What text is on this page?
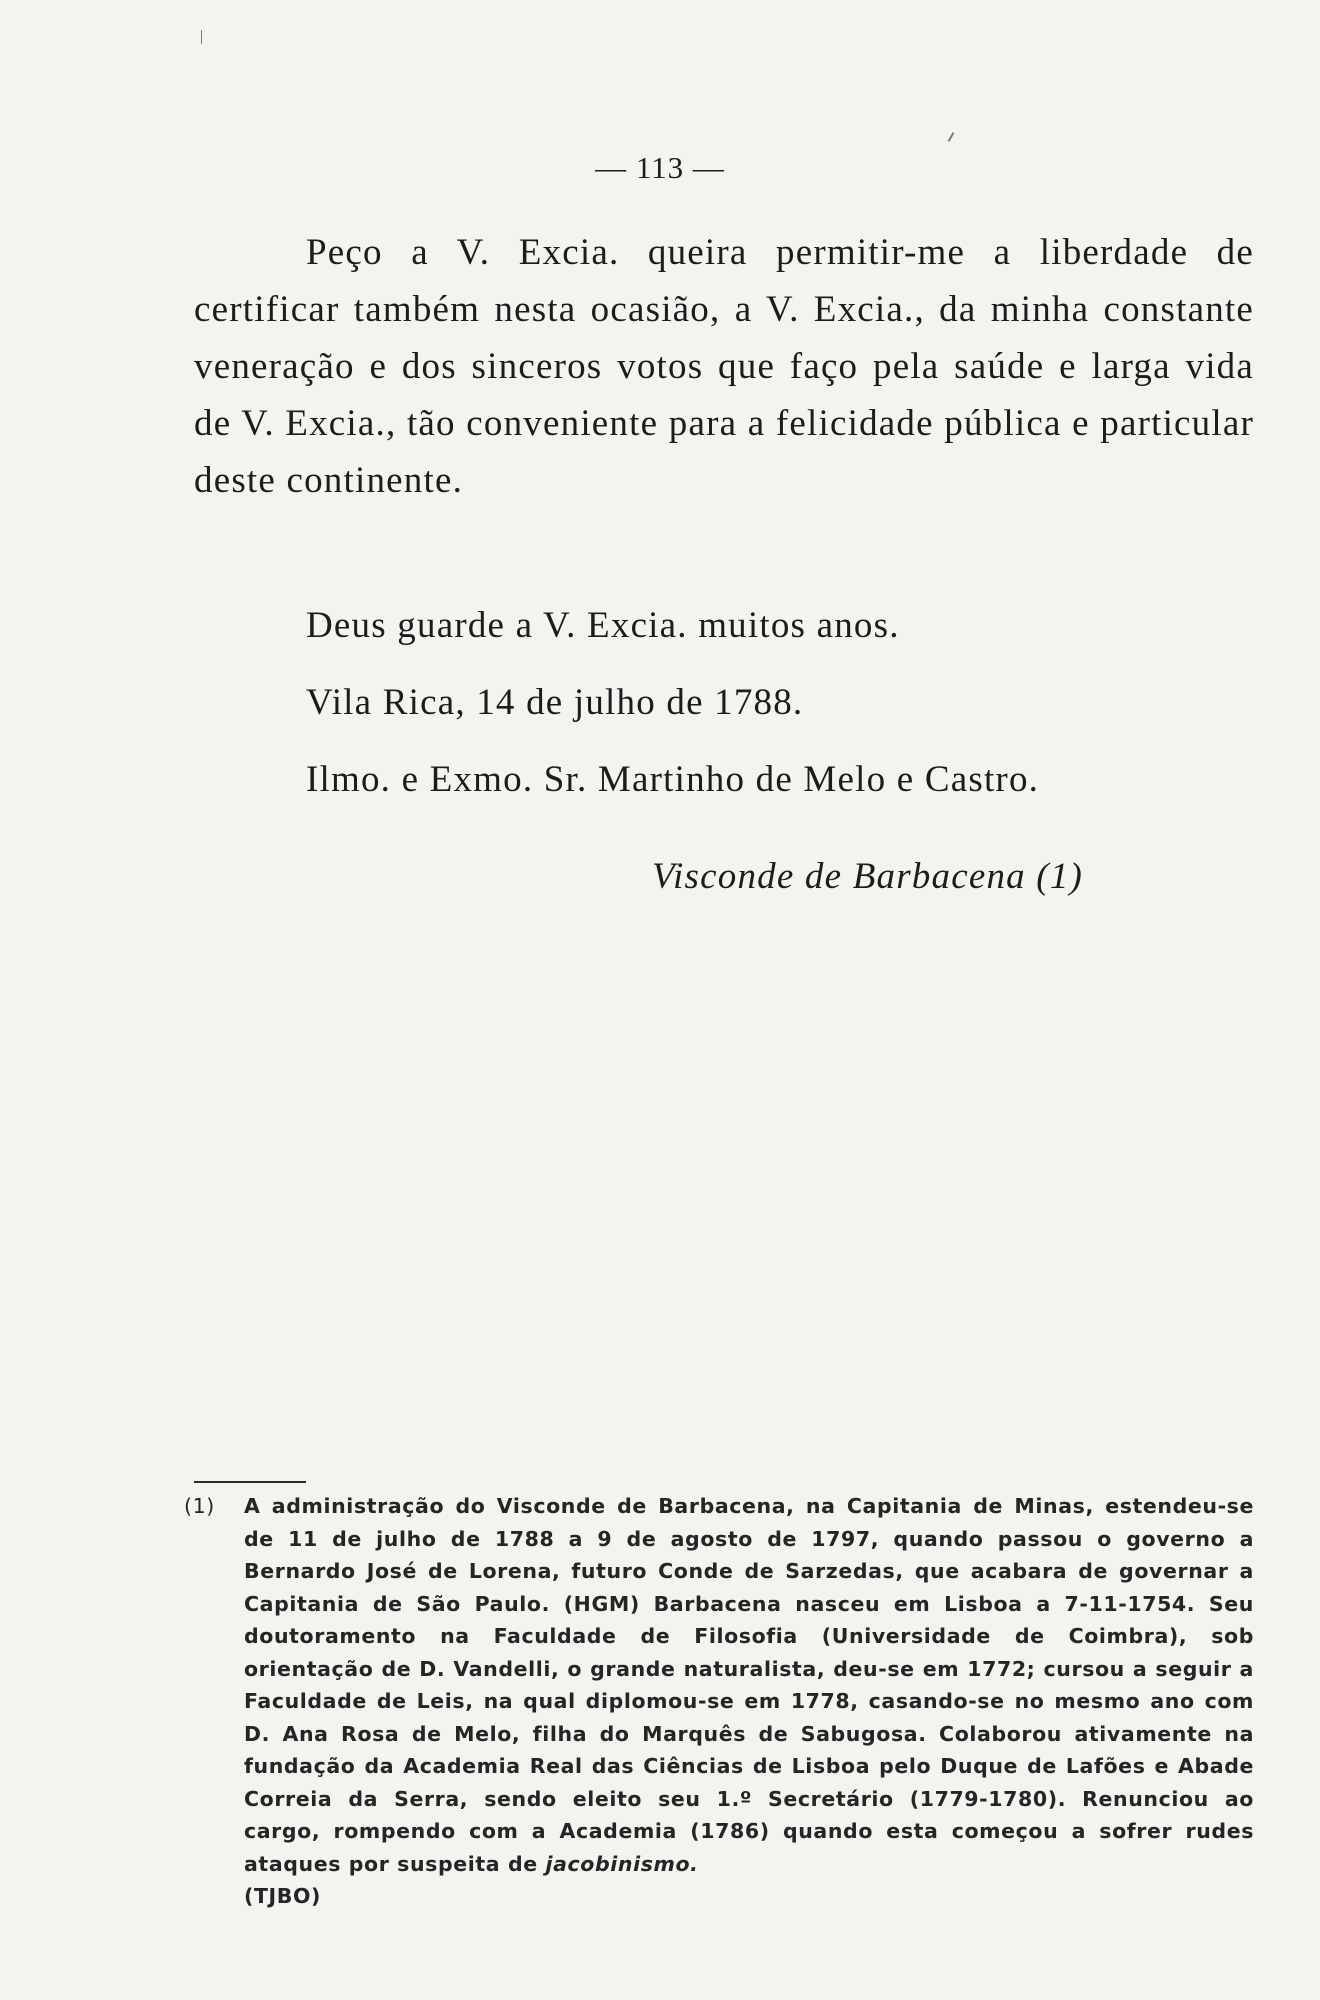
— 113 —

Peço a V. Excia. queira permitir-me a liberdade de certificar também nesta ocasião, a V. Excia., da minha constante veneração e dos sinceros votos que faço pela saúde e larga vida de V. Excia., tão conveniente para a felicidade pública e particular deste continente.

Deus guarde a V. Excia. muitos anos.

Vila Rica, 14 de julho de 1788.

Ilmo. e Exmo. Sr. Martinho de Melo e Castro.

Visconde de Barbacena (1)

(1)	A administração do Visconde de Barbacena, na Capitania de Minas, estendeu-se de 11 de julho de 1788 a 9 de agosto de 1797, quando passou o governo a Bernardo José de Lorena, futuro Conde de Sarzedas, que acabara de governar a Capitania de São Paulo. (HGM) Barbacena nasceu em Lisboa a 7-11-1754. Seu doutoramento na Faculdade de Filosofia (Universidade de Coimbra), sob orientação de D. Vandelli, o grande naturalista, deu-se em 1772; cursou a seguir a Faculdade de Leis, na qual diplomou-se em 1778, casando-se no mesmo ano com D. Ana Rosa de Melo, filha do Marquês de Sabugosa. Colaborou ativamente na fundação da Academia Real das Ciências de Lisboa pelo Duque de Lafões e Abade Correia da Serra, sendo eleito seu 1.º Secretário (1779-1780). Renunciou ao cargo, rompendo com a Academia (1786) quando esta começou a sofrer rudes ataques por suspeita de jacobinismo.
(TJBO)
